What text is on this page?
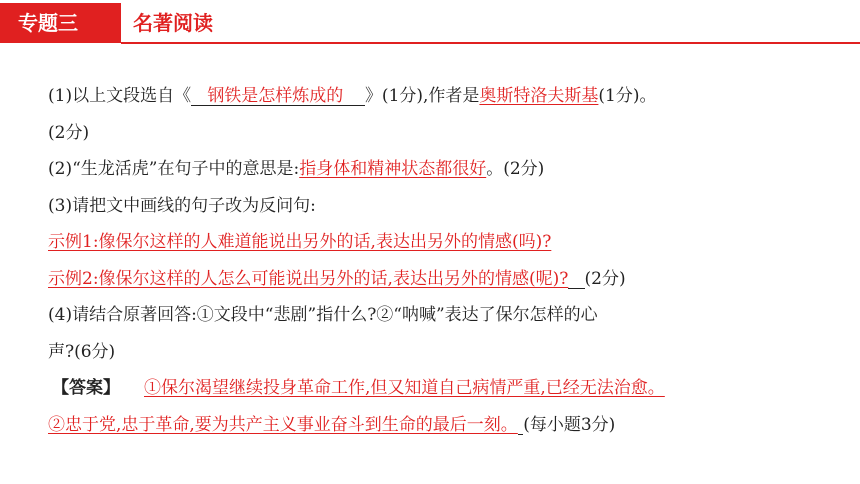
专题三	名著阅读
(1)以上文段选自《 钢铁是怎样炼成的 》(1分),作者是奥斯特洛夫斯基(1分)。
(2分)
(2)“生龙活虎”在句子中的意思是:指身体和精神状态都很好。(2分)
(3)请把文中画线的句子改为反问句:
示例1:像保尔这样的人难道能说出另外的话,表达出另外的情感(吗)?
示例2:像保尔这样的人怎么可能说出另外的话,表达出另外的情感(呢)? (2分)
(4)请结合原著回答:①文段中“悲剧”指什么?②“呐喊”表达了保尔怎样的心
声?(6分)
【答案】 ①保尔渴望继续投身革命工作,但又知道自己病情严重,已经无法治愈。
②忠于党,忠于革命,要为共产主义事业奋斗到生命的最后一刻。 (每小题3分)
